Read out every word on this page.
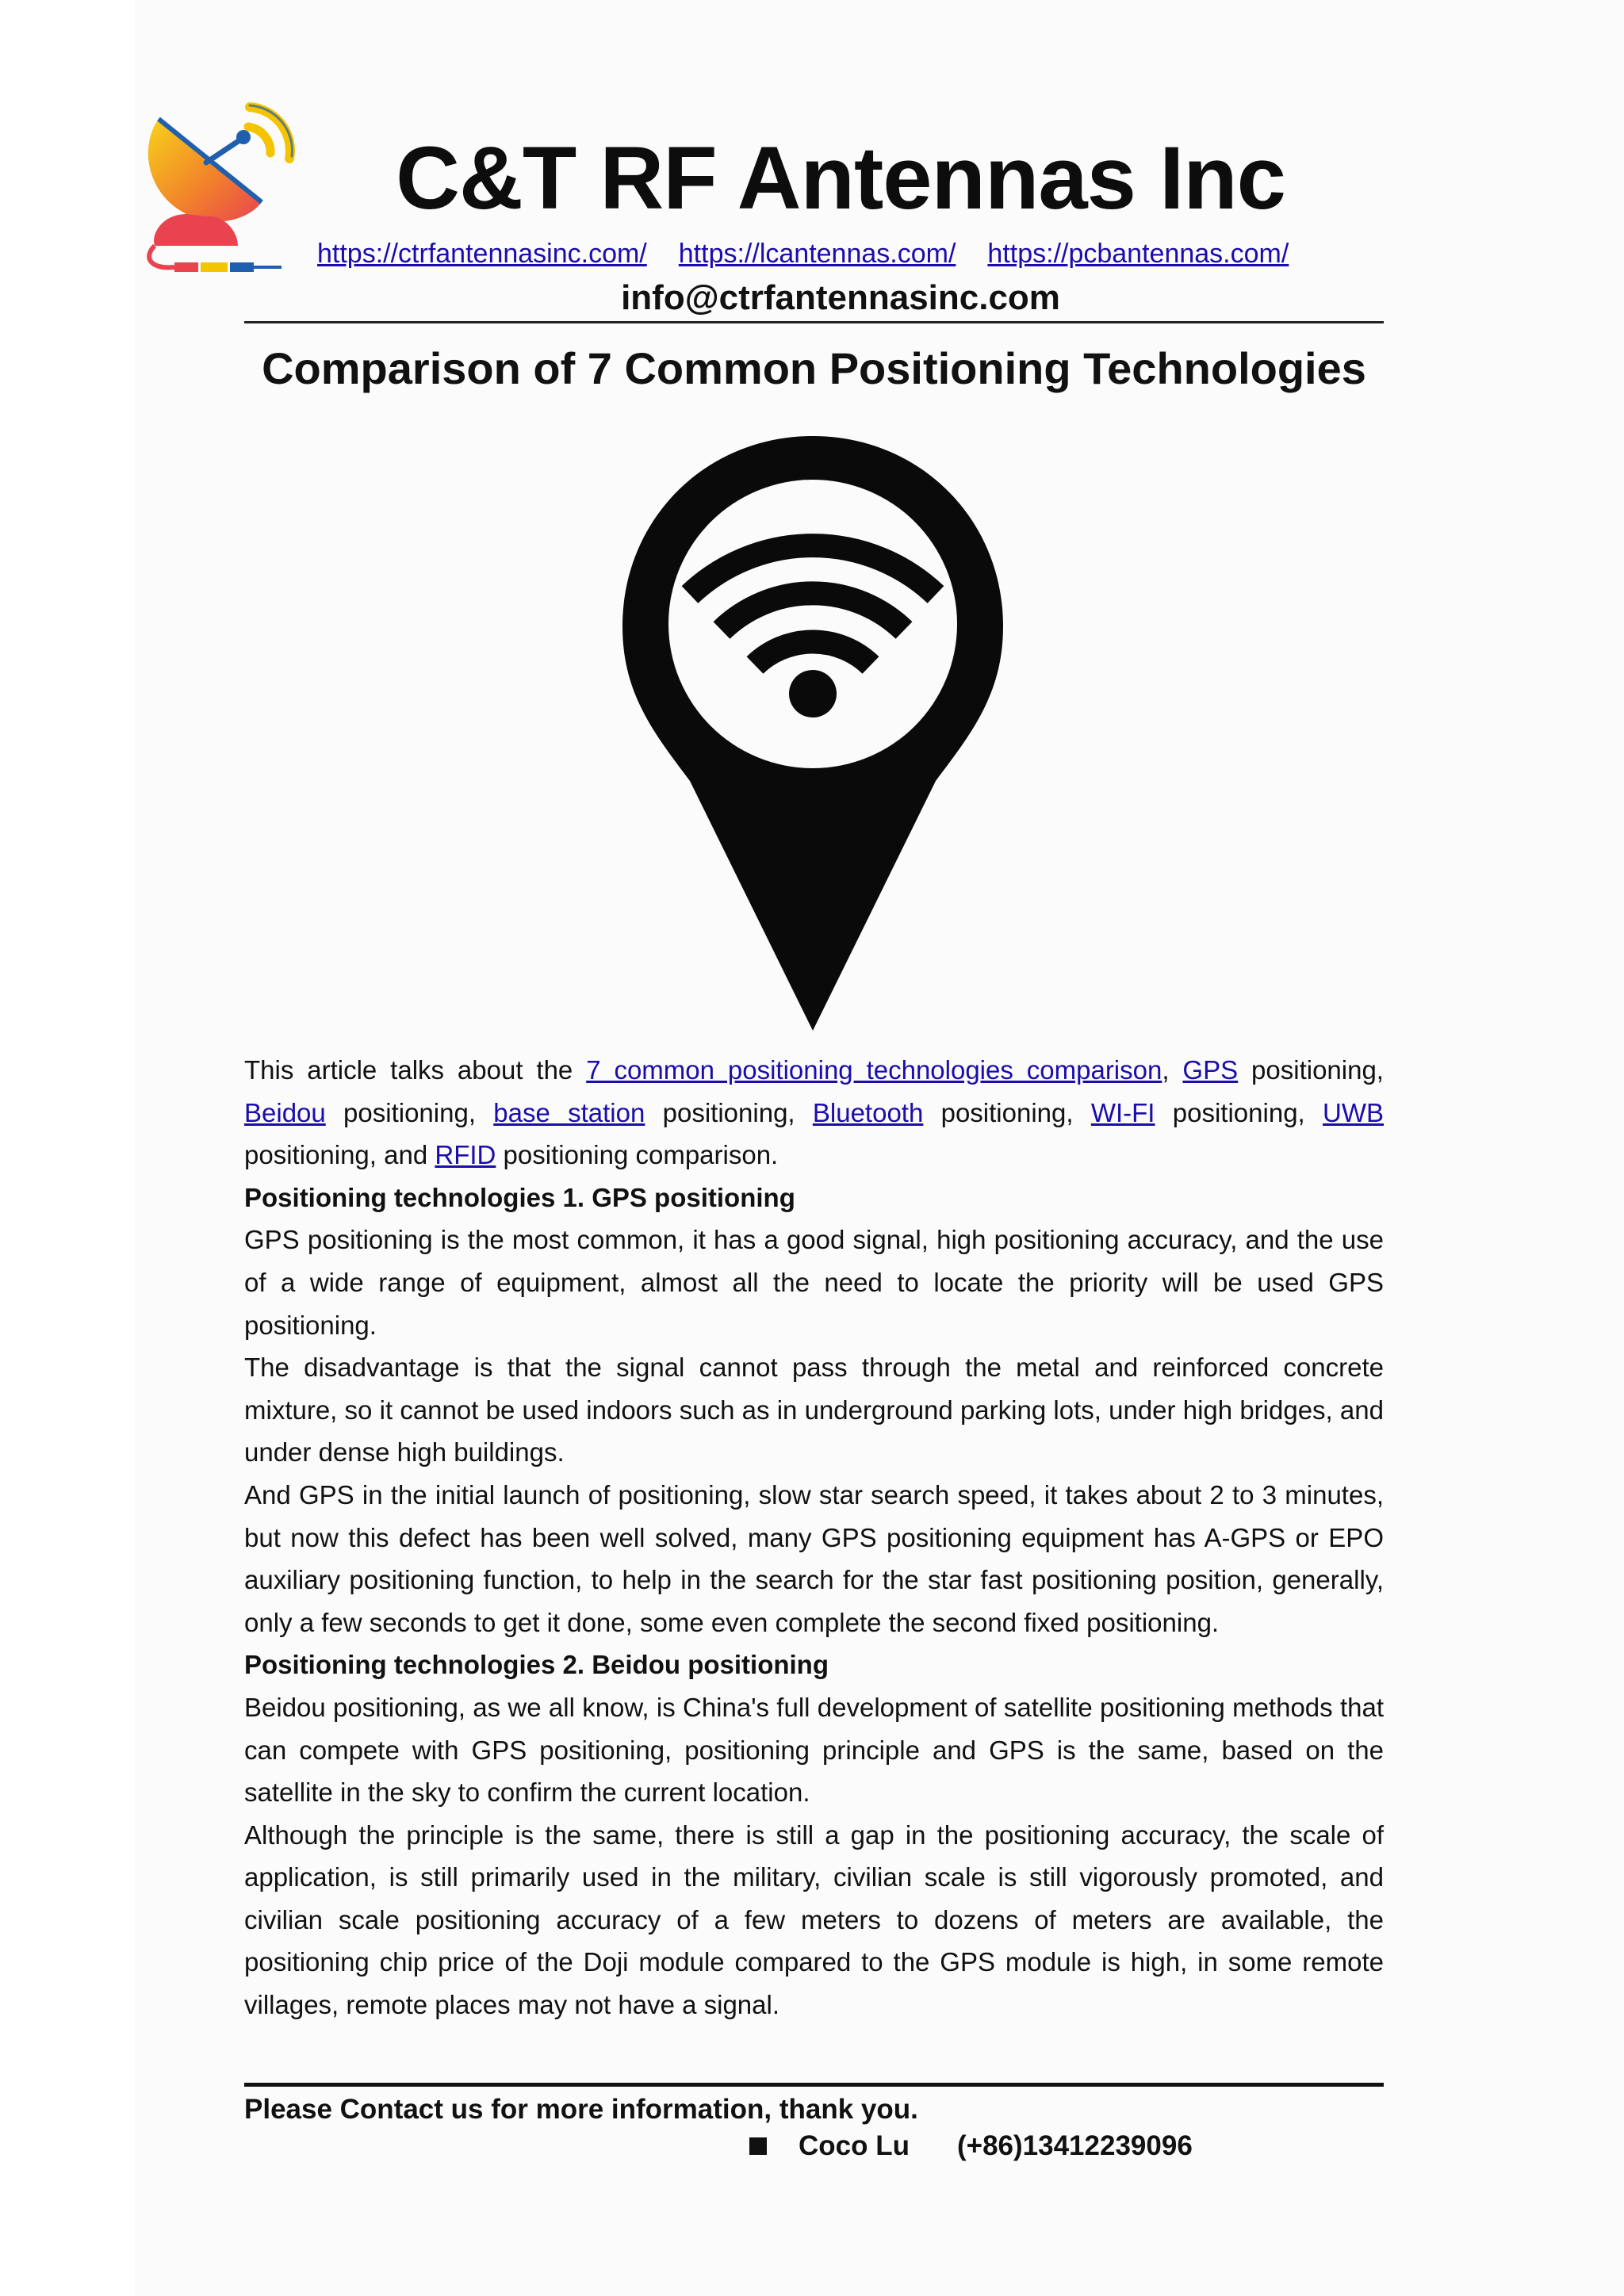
C&T RF Antennas Inc
https://ctrfantennasinc.com/ https://lcantennas.com/ https://pcbantennas.com/
info@ctrfantennasinc.com
Comparison of 7 Common Positioning Technologies

This article talks about the 7 common positioning technologies comparison, GPS positioning, Beidou positioning, base station positioning, Bluetooth positioning, WI-FI positioning, UWB positioning, and RFID positioning comparison.

Positioning technologies 1. GPS positioning

GPS positioning is the most common, it has a good signal, high positioning accuracy, and the use of a wide range of equipment, almost all the need to locate the priority will be used GPS positioning.

The disadvantage is that the signal cannot pass through the metal and reinforced concrete mixture, so it cannot be used indoors such as in underground parking lots, under high bridges, and under dense high buildings.

And GPS in the initial launch of positioning, slow star search speed, it takes about 2 to 3 minutes, but now this defect has been well solved, many GPS positioning equipment has A-GPS or EPO auxiliary positioning function, to help in the search for the star fast positioning position, generally, only a few seconds to get it done, some even complete the second fixed positioning.

Positioning technologies 2. Beidou positioning

Beidou positioning, as we all know, is China's full development of satellite positioning methods that can compete with GPS positioning, positioning principle and GPS is the same, based on the satellite in the sky to confirm the current location.

Although the principle is the same, there is still a gap in the positioning accuracy, the scale of application, is still primarily used in the military, civilian scale is still vigorously promoted, and civilian scale positioning accuracy of a few meters to dozens of meters are available, the positioning chip price of the Doji module compared to the GPS module is high, in some remote villages, remote places may not have a signal.

Please Contact us for more information, thank you.
Coco Lu (+86)13412239096
